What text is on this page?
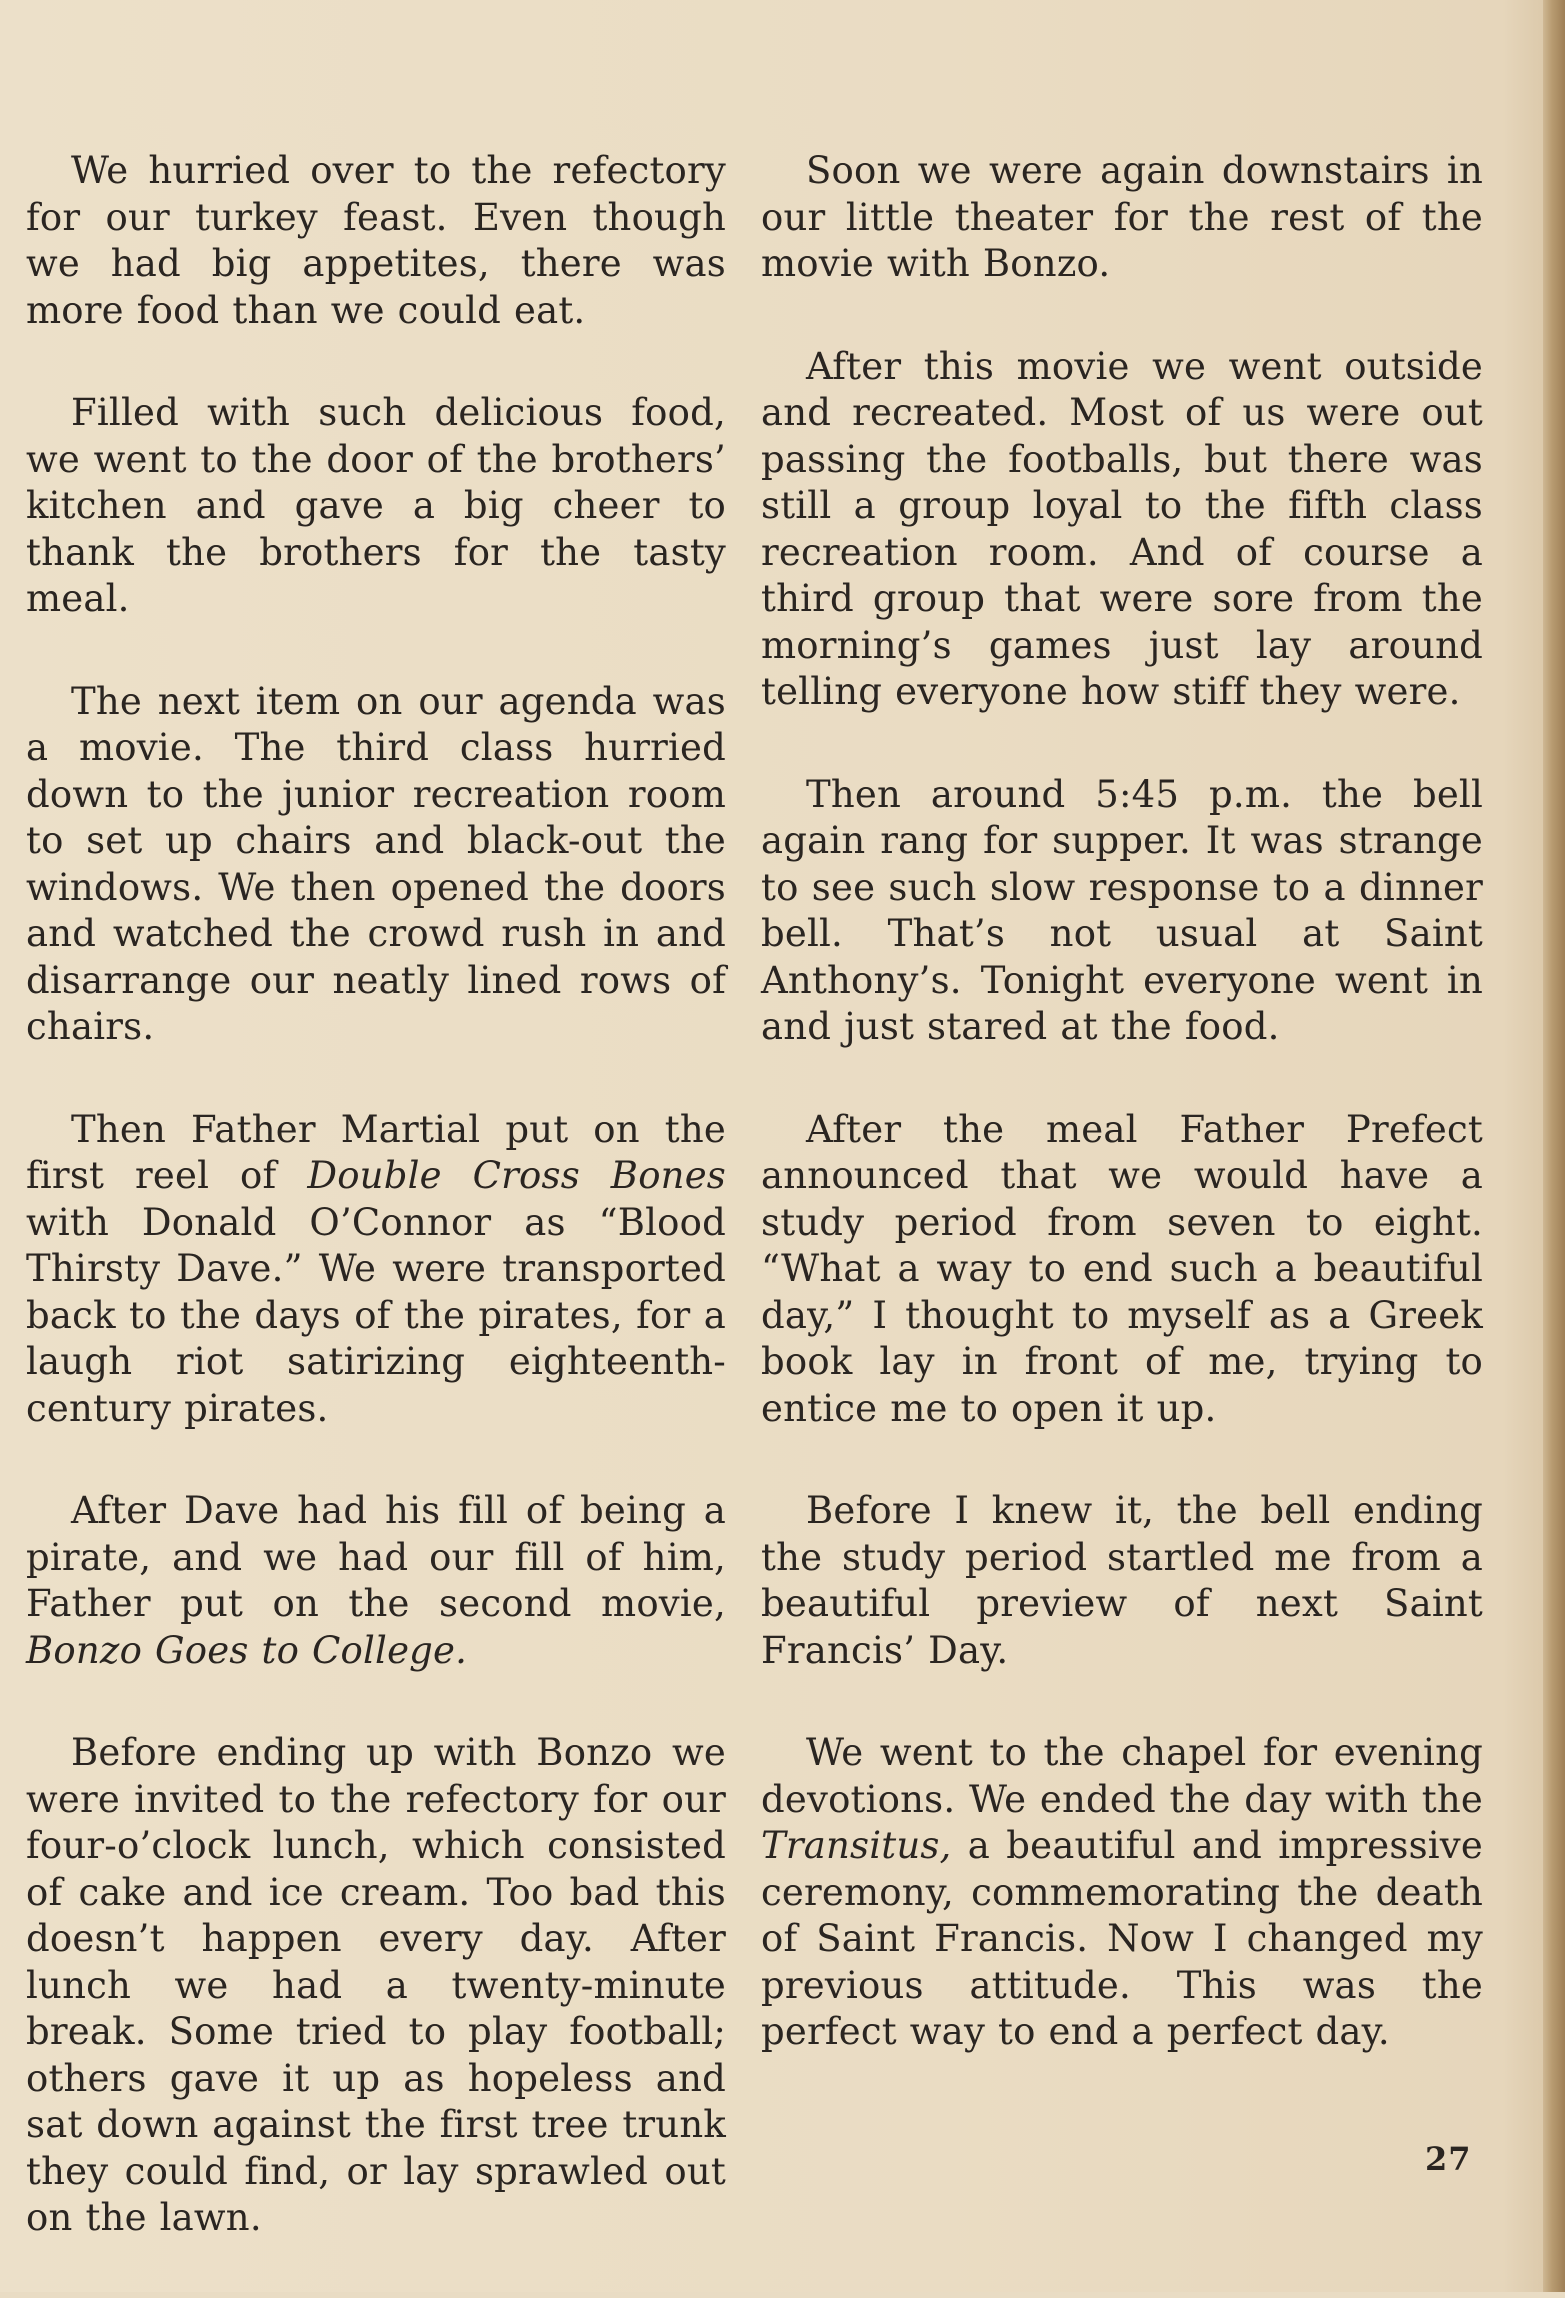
We hurried over to the refectory for our turkey feast. Even though we had big appetites, there was more food than we could eat.

Filled with such delicious food, we went to the door of the brothers’ kitchen and gave a big cheer to thank the brothers for the tasty meal.

The next item on our agenda was a movie. The third class hurried down to the junior recreation room to set up chairs and black-out the windows. We then opened the doors and watched the crowd rush in and disarrange our neatly lined rows of chairs.

Then Father Martial put on the first reel of Double Cross Bones with Donald O’Connor as “Blood Thirsty Dave.” We were transported back to the days of the pirates, for a laugh riot satirizing eighteenth-century pirates.

After Dave had his fill of being a pirate, and we had our fill of him, Father put on the second movie, Bonzo Goes to College.

Before ending up with Bonzo we were invited to the refectory for our four-o’clock lunch, which consisted of cake and ice cream. Too bad this doesn’t happen every day. After lunch we had a twenty-minute break. Some tried to play football; others gave it up as hopeless and sat down against the first tree trunk they could find, or lay sprawled out on the lawn.

Soon we were again downstairs in our little theater for the rest of the movie with Bonzo.

After this movie we went outside and recreated. Most of us were out passing the footballs, but there was still a group loyal to the fifth class recreation room. And of course a third group that were sore from the morning’s games just lay around telling everyone how stiff they were.

Then around 5:45 p.m. the bell again rang for supper. It was strange to see such slow response to a dinner bell. That’s not usual at Saint Anthony’s. Tonight everyone went in and just stared at the food.

After the meal Father Prefect announced that we would have a study period from seven to eight. “What a way to end such a beautiful day,” I thought to myself as a Greek book lay in front of me, trying to entice me to open it up.

Before I knew it, the bell ending the study period startled me from a beautiful preview of next Saint Francis’ Day.

We went to the chapel for evening devotions. We ended the day with the Transitus, a beautiful and impressive ceremony, commemorating the death of Saint Francis. Now I changed my previous attitude. This was the perfect way to end a perfect day.

27
